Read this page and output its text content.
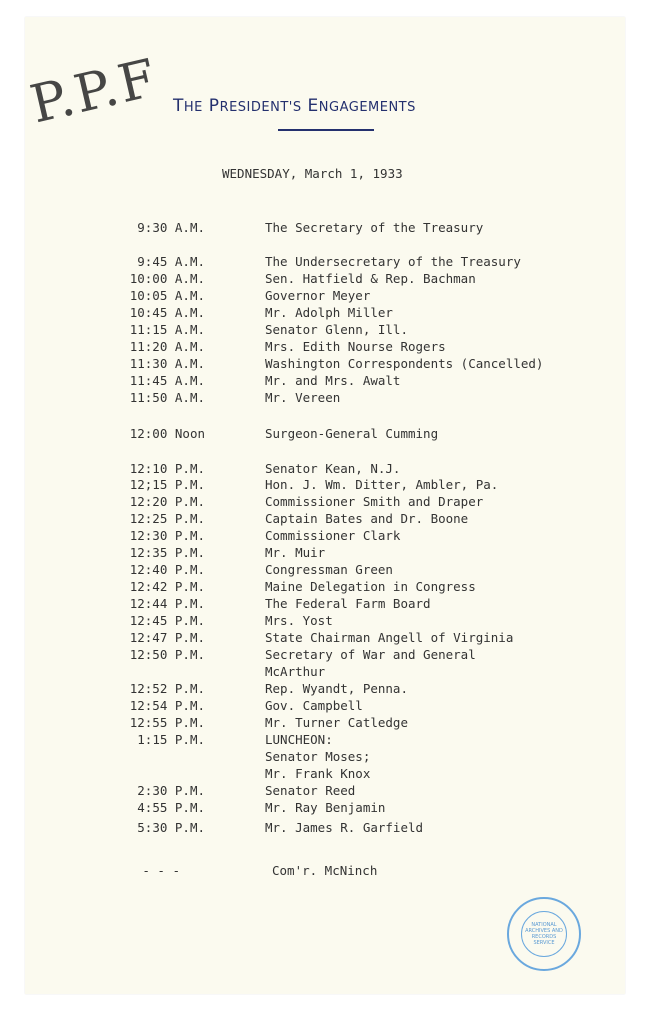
P.P.F THE PRESIDENT'S ENGAGEMENTS
WEDNESDAY, March 1, 1933
9:30 A.M.	The Secretary of the Treasury
9:45 A.M.	The Undersecretary of the Treasury
10:00 A.M.	Sen. Hatfield & Rep. Bachman
10:05 A.M.	Governor Meyer
10:45 A.M.	Mr. Adolph Miller
11:15 A.M.	Senator Glenn, Ill.
11:20 A.M.	Mrs. Edith Nourse Rogers
11:30 A.M.	Washington Correspondents (Cancelled)
11:45 A.M.	Mr. and Mrs. Awalt
11:50 A.M.	Mr. Vereen
12:00 Noon	Surgeon-General Cumming
12:10 P.M.	Senator Kean, N.J.
12;15 P.M.	Hon. J. Wm. Ditter, Ambler, Pa.
12:20 P.M.	Commissioner Smith and Draper
12:25 P.M.	Captain Bates and Dr. Boone
12:30 P.M.	Commissioner Clark
12:35 P.M.	Mr. Muir
12:40 P.M.	Congressman Green
12:42 P.M.	Maine Delegation in Congress
12:44 P.M.	The Federal Farm Board
12:45 P.M.	Mrs. Yost
12:47 P.M.	State Chairman Angell of Virginia
12:50 P.M.	Secretary of War and General
McArthur
12:52 P.M.	Rep. Wyandt, Penna.
12:54 P.M.	Gov. Campbell
12:55 P.M.	Mr. Turner Catledge
1:15 P.M.	LUNCHEON:
Senator Moses;
Mr. Frank Knox
2:30 P.M.	Senator Reed
4:55 P.M.	Mr. Ray Benjamin
5:30 P.M.	Mr. James R. Garfield
- - -	Com'r. McNinch
NATIONAL
ARCHIVES AND
RECORDS
SERVICE
